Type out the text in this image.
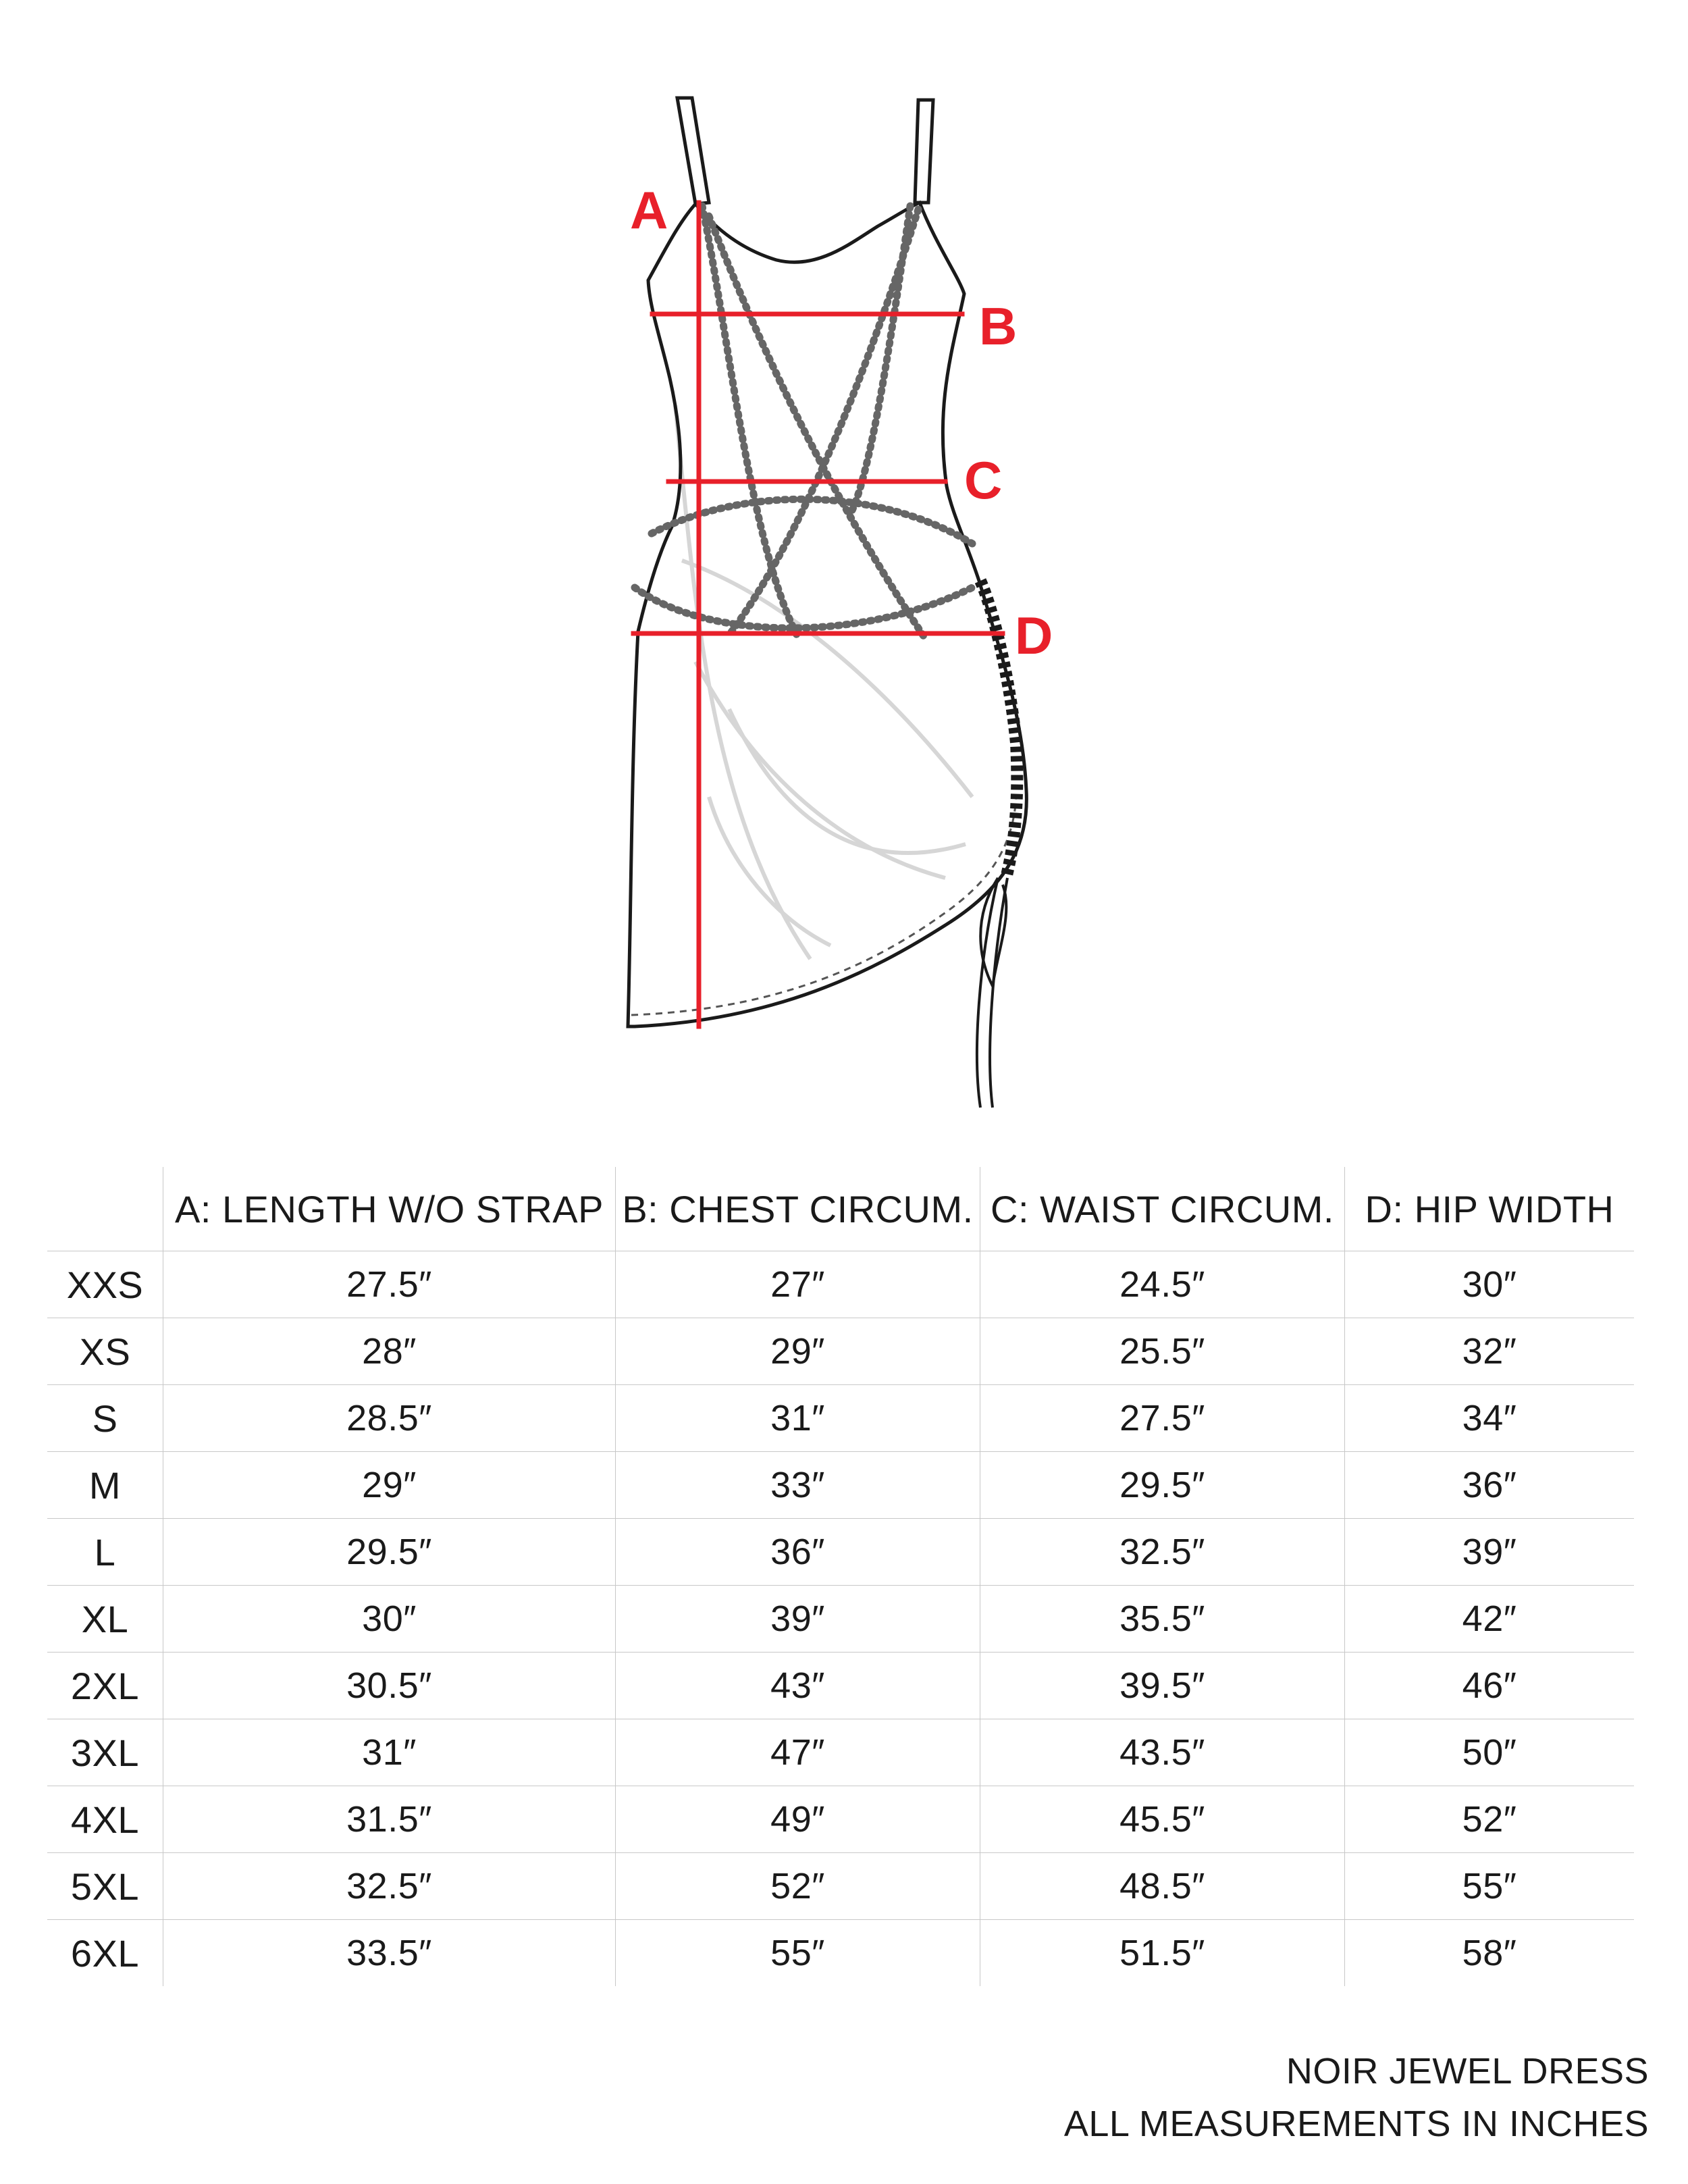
A
B
C
D
A: LENGTH W/O STRAP B: CHEST CIRCUM. C: WAIST CIRCUM. D: HIP WIDTH
XXS	27.5″	27″	24.5″	30″
XS	28″	29″	25.5″	32″
S	28.5″	31″	27.5″	34″
M	29″	33″	29.5″	36″
L	29.5″	36″	32.5″	39″
XL	30″	39″	35.5″	42″
2XL	30.5″	43″	39.5″	46″
3XL	31″	47″	43.5″	50″
4XL	31.5″	49″	45.5″	52″
5XL	32.5″	52″	48.5″	55″
6XL	33.5″	55″	51.5″	58″
NOIR JEWEL DRESS
ALL MEASUREMENTS IN INCHES
